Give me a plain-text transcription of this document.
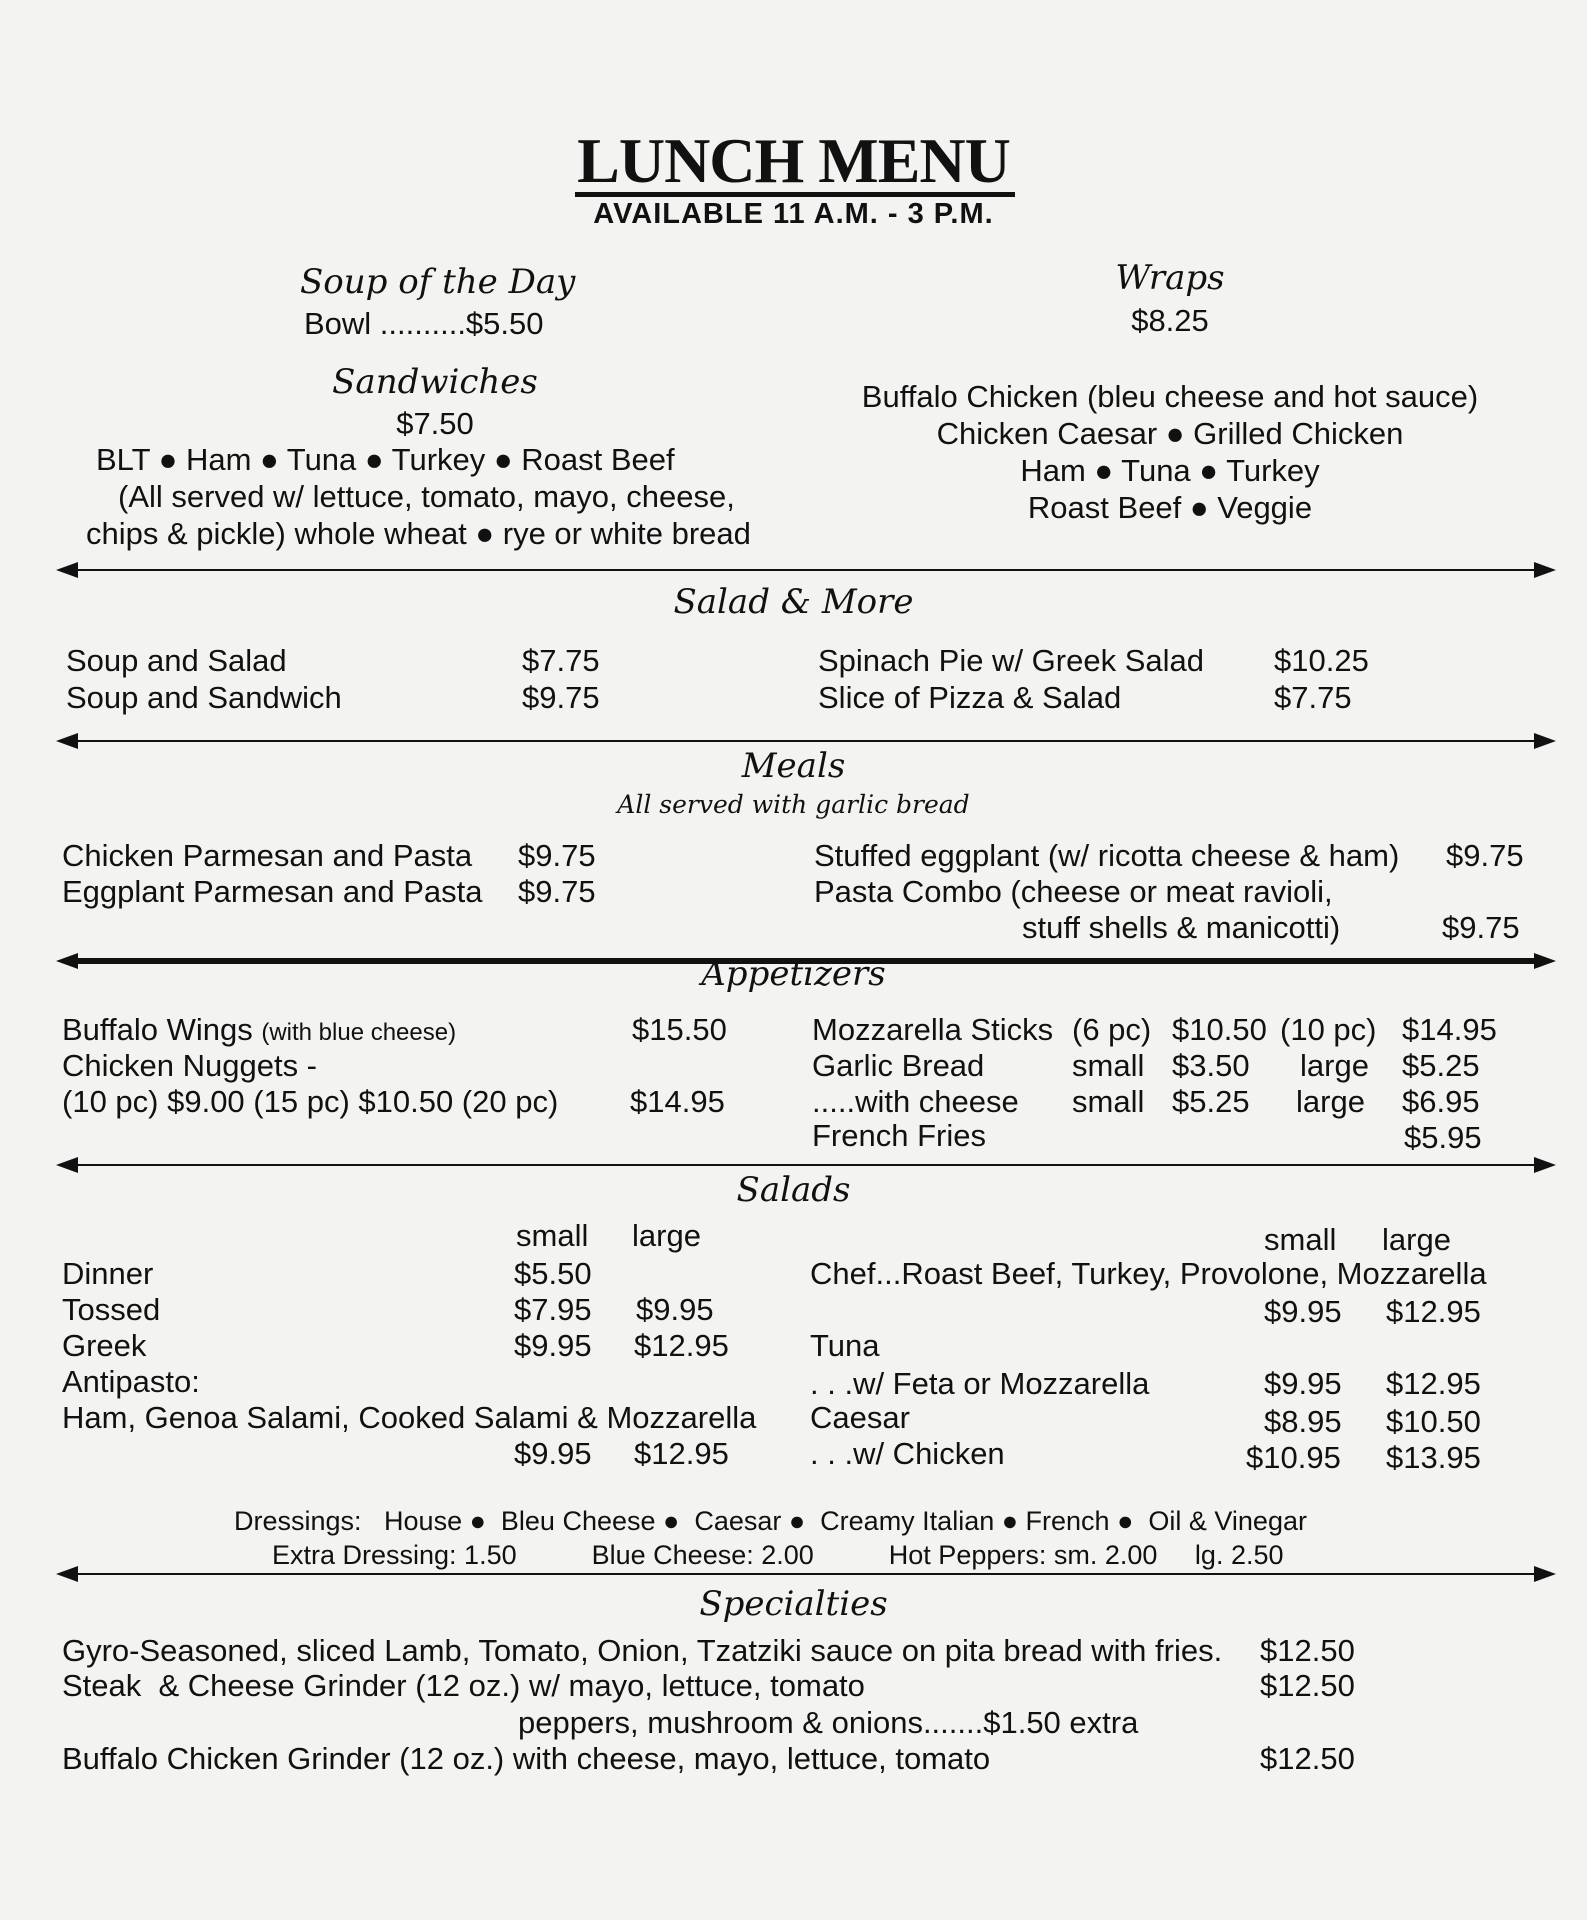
LUNCH MENU
AVAILABLE 11 A.M. - 3 P.M.
Soup of the Day
Bowl ..........$5.50
Sandwiches
$7.50
BLT ● Ham ● Tuna ● Turkey ● Roast Beef
(All served w/ lettuce, tomato, mayo, cheese,
chips & pickle) whole wheat ● rye or white bread
Wraps
$8.25
Buffalo Chicken (bleu cheese and hot sauce)
Chicken Caesar ● Grilled Chicken
Ham ● Tuna ● Turkey
Roast Beef ● Veggie
Salad & More
Soup and Salad	$7.75
Soup and Sandwich	$9.75
Spinach Pie w/ Greek Salad $10.25
Slice of Pizza & Salad	$7.75
Meals
All served with garlic bread
Chicken Parmesan and Pasta $9.75
Eggplant Parmesan and Pasta $9.75
Stuffed eggplant (w/ ricotta cheese & ham) $9.75
Pasta Combo (cheese or meat ravioli,
stuff shells & manicotti)	$9.75
Appetizers
Buffalo Wings (with blue cheese)	$15.50
Chicken Nuggets -
(10 pc) $9.00 (15 pc) $10.50 (20 pc) $14.95
Mozzarella Sticks (6 pc) $10.50 (10 pc) $14.95
Garlic Bread	small $3.50 large $5.25
.....with cheese small $5.25 large $6.95
French Fries	$5.95
Salads
small large	small large
Dinner	$5.50
Tossed	$7.95 $9.95
Greek	$9.95 $12.95
Antipasto:
Ham, Genoa Salami, Cooked Salami & Mozzarella
$9.95 $12.95
Chef...Roast Beef, Turkey, Provolone, Mozzarella
$9.95 $12.95
Tuna
. . .w/ Feta or Mozzarella	$9.95 $12.95
Caesar	$8.95 $10.50
. . .w/ Chicken	$10.95 $13.95
Dressings:   House ●  Bleu Cheese ●  Caesar ●  Creamy Italian ● French ●  Oil & Vinegar
Extra Dressing: 1.50          Blue Cheese: 2.00          Hot Peppers: sm. 2.00     lg. 2.50
Specialties
Gyro-Seasoned, sliced Lamb, Tomato, Onion, Tzatziki sauce on pita bread with fries. $12.50
Steak  & Cheese Grinder (12 oz.) w/ mayo, lettuce, tomato	$12.50
peppers, mushroom & onions.......$1.50 extra
Buffalo Chicken Grinder (12 oz.) with cheese, mayo, lettuce, tomato	$12.50
